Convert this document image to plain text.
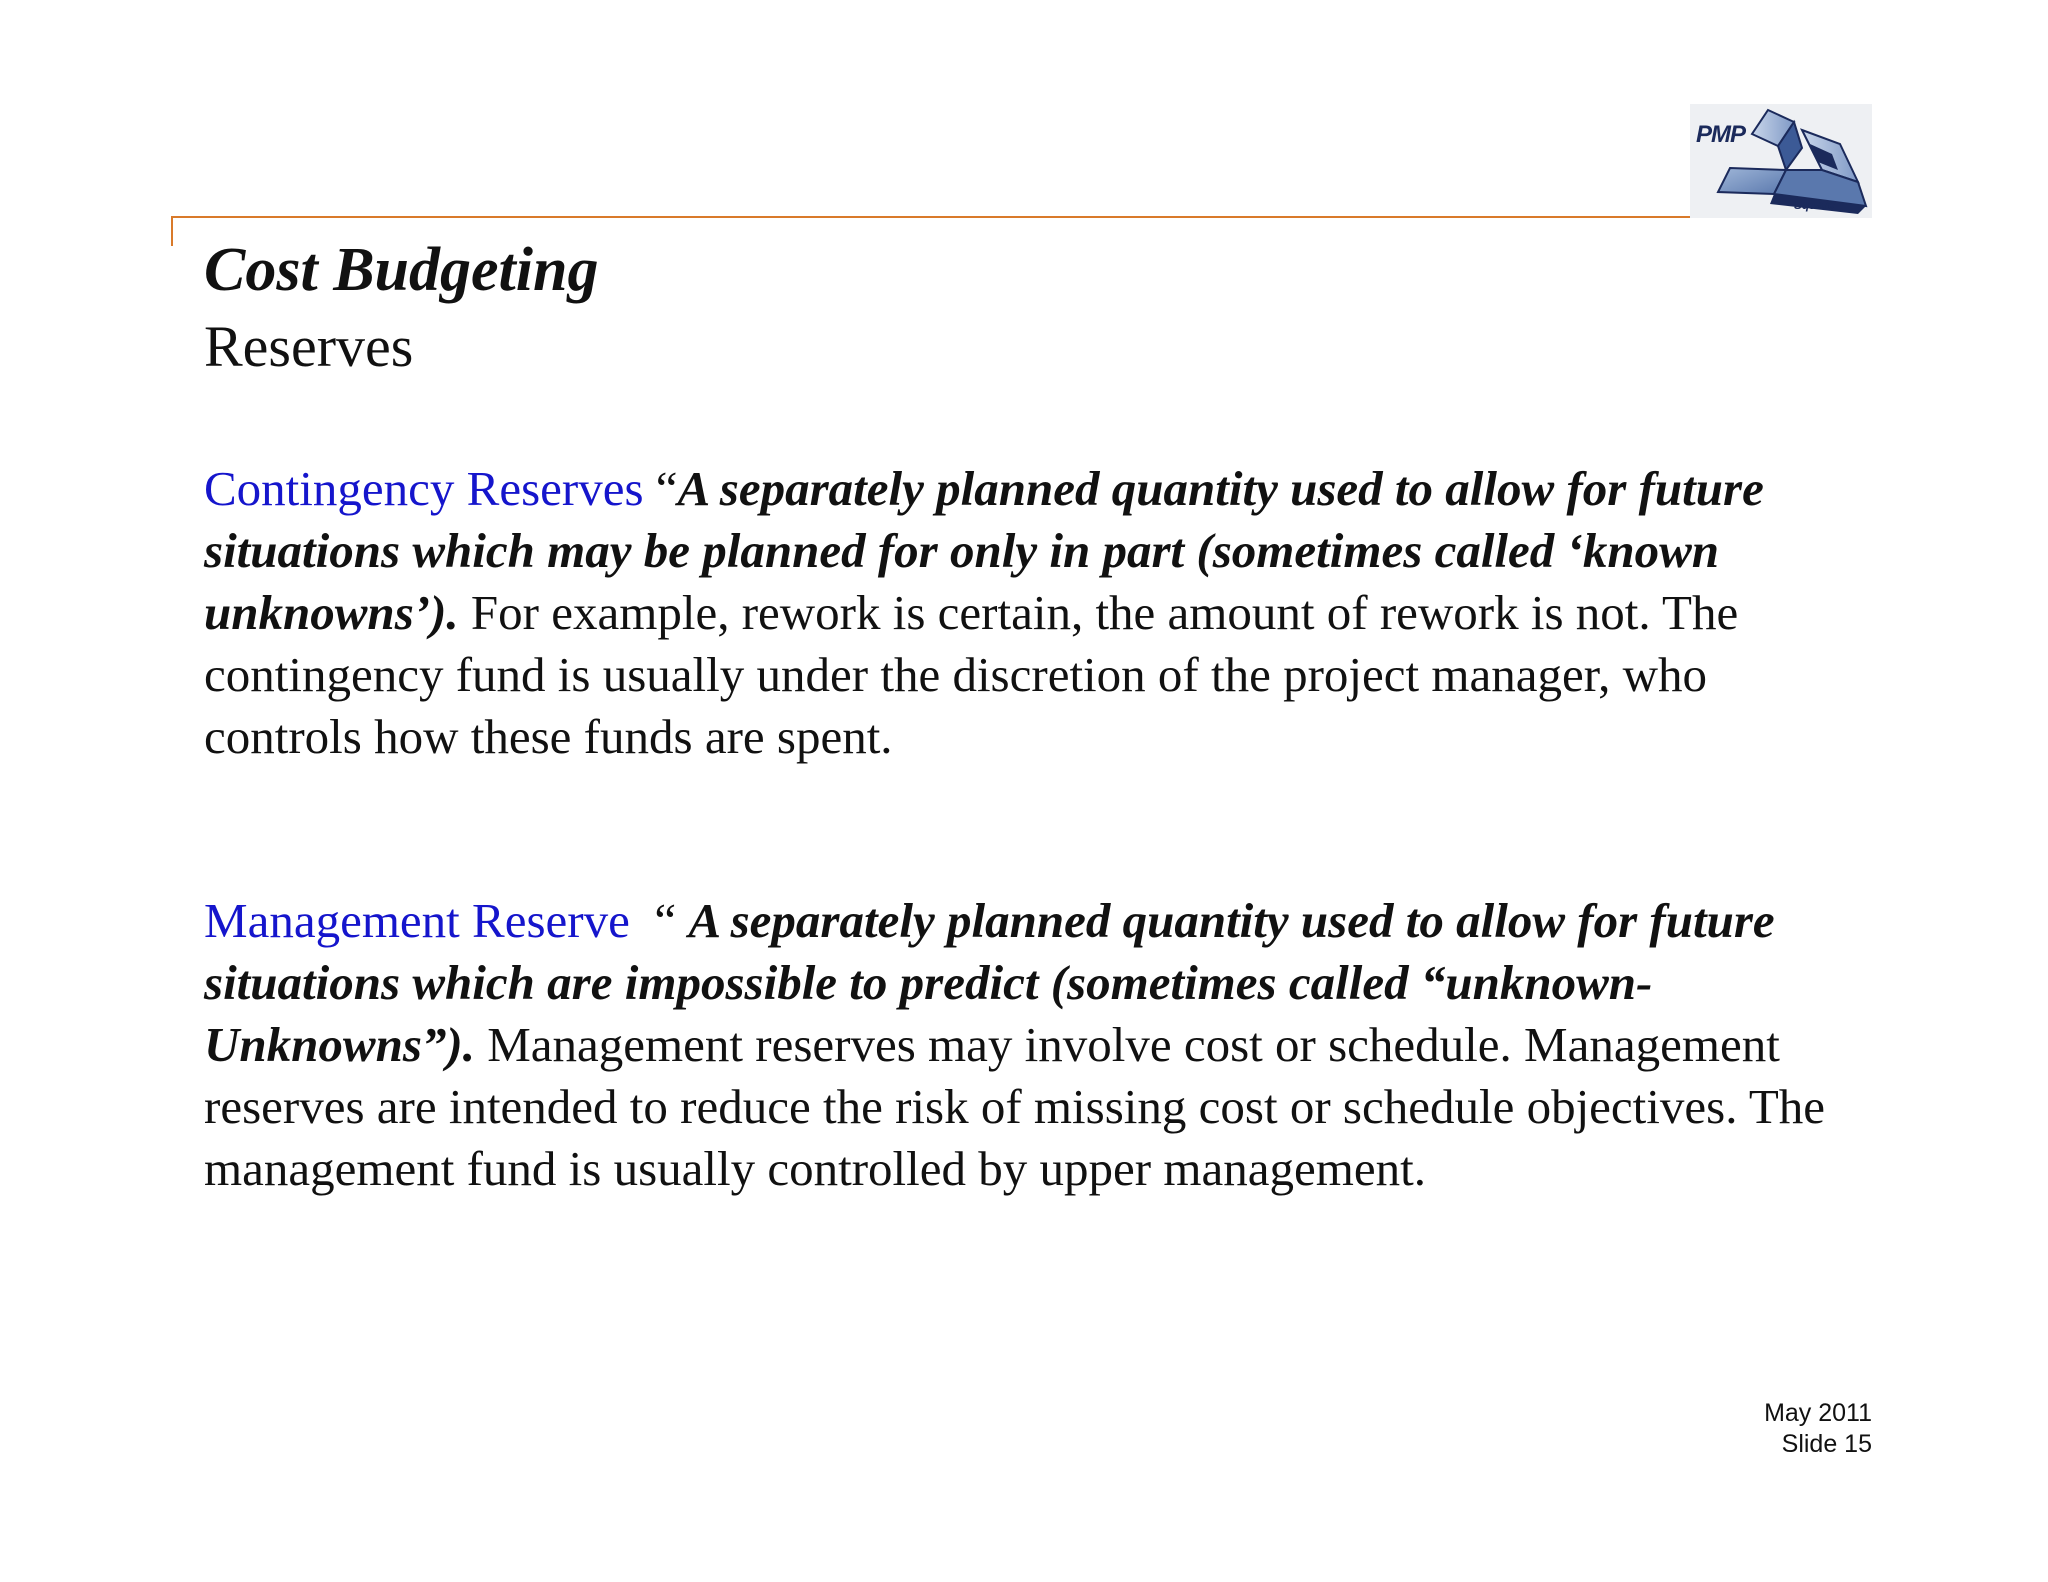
PMP
Square
Cost Budgeting
Reserves
Contingency Reserves “A separately planned quantity used to allow for future situations which may be planned for only in part (sometimes called ‘known unknowns’). For example, rework is certain, the amount of rework is not. The contingency fund is usually under the discretion of the project manager, who controls how these funds are spent.
Management Reserve  “ A separately planned quantity used to allow for future situations which are impossible to predict (sometimes called “unknown-Unknowns”). Management reserves may involve cost or schedule. Management reserves are intended to reduce the risk of missing cost or schedule objectives. The management fund is usually controlled by upper management.
May 2011
Slide 15
